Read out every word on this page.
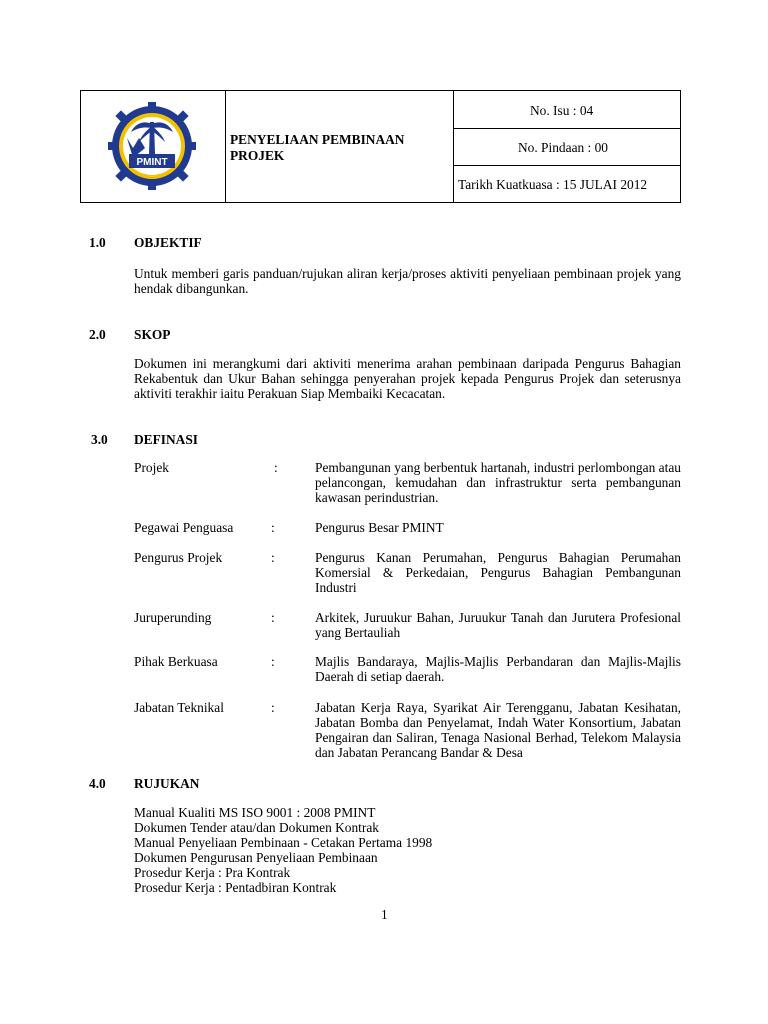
PMINT
PENYELIAAN PEMBINAAN PROJEK
No. Isu : 04
No. Pindaan : 00
Tarikh Kuatkuasa : 15 JULAI 2012
1.0 OBJEKTIF
Untuk memberi garis panduan/rujukan aliran kerja/proses aktiviti penyeliaan pembinaan projek yang hendak dibangunkan.
2.0 SKOP
Dokumen ini merangkumi dari aktiviti menerima arahan pembinaan daripada Pengurus Bahagian Rekabentuk dan Ukur Bahan sehingga penyerahan projek kepada Pengurus Projek dan seterusnya aktiviti terakhir iaitu Perakuan Siap Membaiki Kecacatan.
3.0 DEFINASI
Projek	:	Pembangunan yang berbentuk hartanah, industri perlombongan atau pelancongan, kemudahan dan infrastruktur serta pembangunan kawasan perindustrian.
Pegawai Penguasa	:	Pengurus Besar PMINT
Pengurus Projek	:	Pengurus Kanan Perumahan, Pengurus Bahagian Perumahan Komersial & Perkedaian, Pengurus Bahagian Pembangunan Industri
Juruperunding	:	Arkitek, Juruukur Bahan, Juruukur Tanah dan Jurutera Profesional yang Bertauliah
Pihak Berkuasa	:	Majlis Bandaraya, Majlis-Majlis Perbandaran dan Majlis-Majlis Daerah di setiap daerah.
Jabatan Teknikal	:	Jabatan Kerja Raya, Syarikat Air Terengganu, Jabatan Kesihatan, Jabatan Bomba dan Penyelamat, Indah Water Konsortium, Jabatan Pengairan dan Saliran, Tenaga Nasional Berhad, Telekom Malaysia dan Jabatan Perancang Bandar & Desa
4.0 RUJUKAN
Manual Kualiti MS ISO 9001 : 2008 PMINT
Dokumen Tender atau/dan Dokumen Kontrak
Manual Penyeliaan Pembinaan - Cetakan Pertama 1998
Dokumen Pengurusan Penyeliaan Pembinaan
Prosedur Kerja : Pra Kontrak
Prosedur Kerja : Pentadbiran Kontrak
1
